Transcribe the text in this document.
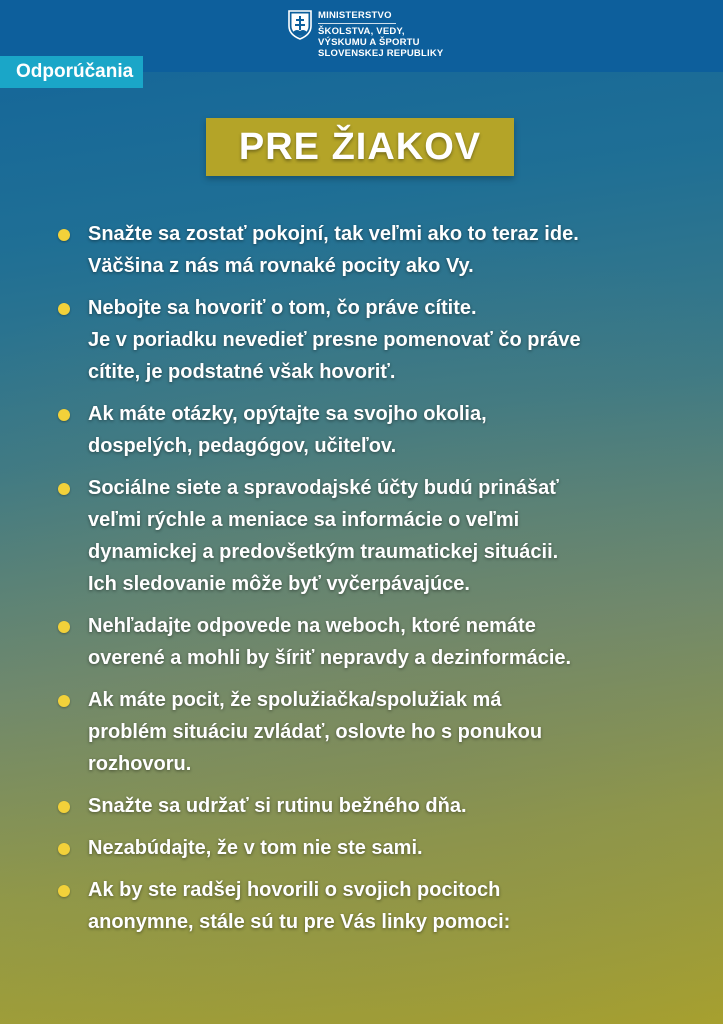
MINISTERSTVO
ŠKOLSTVA, VEDY,
VÝSKUMU A ŠPORTU
SLOVENSKEJ REPUBLIKY
Odporúčania
PRE ŽIAKOV
Snažte sa zostať pokojní, tak veľmi ako to teraz ide.
Väčšina z nás má rovnaké pocity ako Vy.
Nebojte sa hovoriť o tom, čo práve cítite.
Je v poriadku nevedieť presne pomenovať čo práve
cítite, je podstatné však hovoriť.
Ak máte otázky, opýtajte sa svojho okolia,
dospelých, pedagógov, učiteľov.
Sociálne siete a spravodajské účty budú prinášať
veľmi rýchle a meniace sa informácie o veľmi
dynamickej a predovšetkým traumatickej situácii.
Ich sledovanie môže byť vyčerpávajúce.
Nehľadajte odpovede na weboch, ktoré nemáte
overené a mohli by šíriť nepravdy a dezinformácie.
Ak máte pocit, že spolužiačka/spolužiak má
problém situáciu zvládať, oslovte ho s ponukou
rozhovoru.
Snažte sa udržať si rutinu bežného dňa.
Nezabúdajte, že v tom nie ste sami.
Ak by ste radšej hovorili o svojich pocitoch
anonymne, stále sú tu pre Vás linky pomoci:
